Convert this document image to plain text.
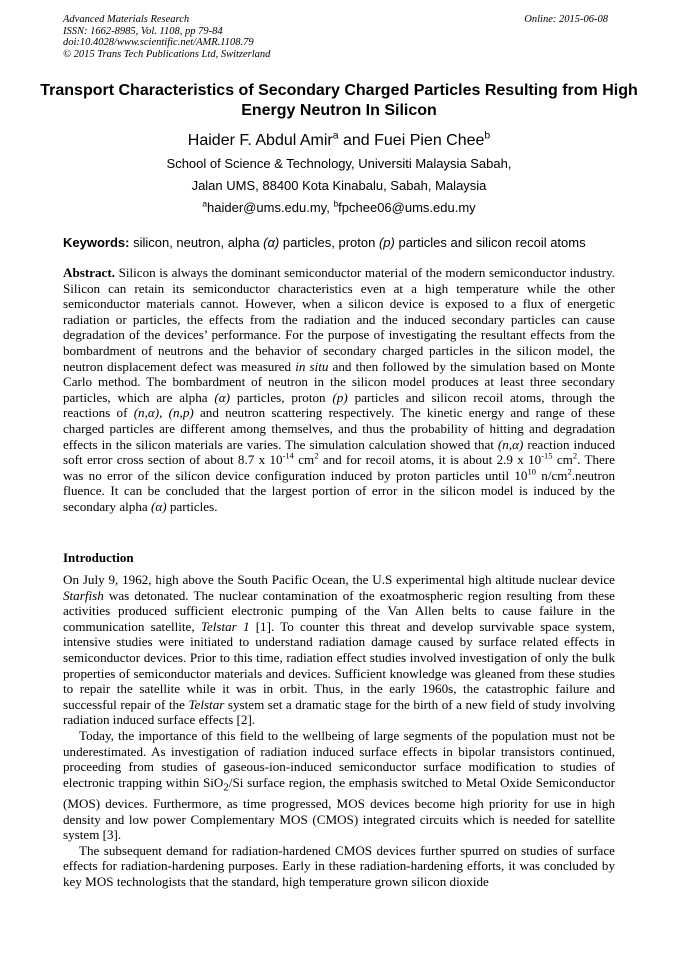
Advanced Materials Research
ISSN: 1662-8985, Vol. 1108, pp 79-84
doi:10.4028/www.scientific.net/AMR.1108.79
© 2015 Trans Tech Publications Ltd, Switzerland
Online: 2015-06-08
Transport Characteristics of Secondary Charged Particles Resulting from High Energy Neutron In Silicon
Haider F. Abdul Amir$^a$ and Fuei Pien Chee$^b$
School of Science & Technology, Universiti Malaysia Sabah,
Jalan UMS, 88400 Kota Kinabalu, Sabah, Malaysia
$^a$haider@ums.edu.my, $^b$fpchee06@ums.edu.my
Keywords: silicon, neutron, alpha (α) particles, proton (p) particles and silicon recoil atoms

Abstract. Silicon is always the dominant semiconductor material of the modern semiconductor industry. Silicon can retain its semiconductor characteristics even at a high temperature while the other semiconductor materials cannot. However, when a silicon device is exposed to a flux of energetic radiation or particles, the effects from the radiation and the induced secondary particles can cause degradation of the devices’ performance. For the purpose of investigating the resultant effects from the bombardment of neutrons and the behavior of secondary charged particles in the silicon model, the neutron displacement defect was measured in situ and then followed by the simulation based on Monte Carlo method. The bombardment of neutron in the silicon model produces at least three secondary particles, which are alpha (α) particles, proton (p) particles and silicon recoil atoms, through the reactions of (n,α), (n,p) and neutron scattering respectively. The kinetic energy and range of these charged particles are different among themselves, and thus the probability of hitting and degradation effects in the silicon materials are varies. The simulation calculation showed that (n,α) reaction induced soft error cross section of about 8.7 x $10^{-14}$ $cm^2$ and for recoil atoms, it is about 2.9 x $10^{-15}$ $cm^2$. There was no error of the silicon device configuration induced by proton particles until $10^{10}$ $n/cm^2.neutron$ fluence. It can be concluded that the largest portion of error in the silicon model is induced by the secondary alpha (α) particles.

Introduction

On July 9, 1962, high above the South Pacific Ocean, the U.S experimental high altitude nuclear device Starfish was detonated. The nuclear contamination of the exoatmospheric region resulting from these activities produced sufficient electronic pumping of the Van Allen belts to cause failure in the communication satellite, Telstar 1 [1]. To counter this threat and develop survivable space system, intensive studies were initiated to understand radiation damage caused by surface related effects in semiconductor devices. Prior to this time, radiation effect studies involved investigation of only the bulk properties of semiconductor materials and devices. Sufficient knowledge was gleaned from these studies to repair the satellite while it was in orbit. Thus, in the early 1960s, the catastrophic failure and successful repair of the Telstar system set a dramatic stage for the birth of a new field of study involving radiation induced surface effects [2].

Today, the importance of this field to the wellbeing of large segments of the population must not be underestimated. As investigation of radiation induced surface effects in bipolar transistors continued, proceeding from studies of gaseous-ion-induced semiconductor surface modification to studies of electronic trapping within SiO$_2$/Si surface region, the emphasis switched to Metal Oxide Semiconductor (MOS) devices. Furthermore, as time progressed, MOS devices become high priority for use in high density and low power Complementary MOS (CMOS) integrated circuits which is needed for satellite system [3].

The subsequent demand for radiation-hardened CMOS devices further spurred on studies of surface effects for radiation-hardening purposes. Early in these radiation-hardening efforts, it was concluded by key MOS technologists that the standard, high temperature grown silicon dioxide
